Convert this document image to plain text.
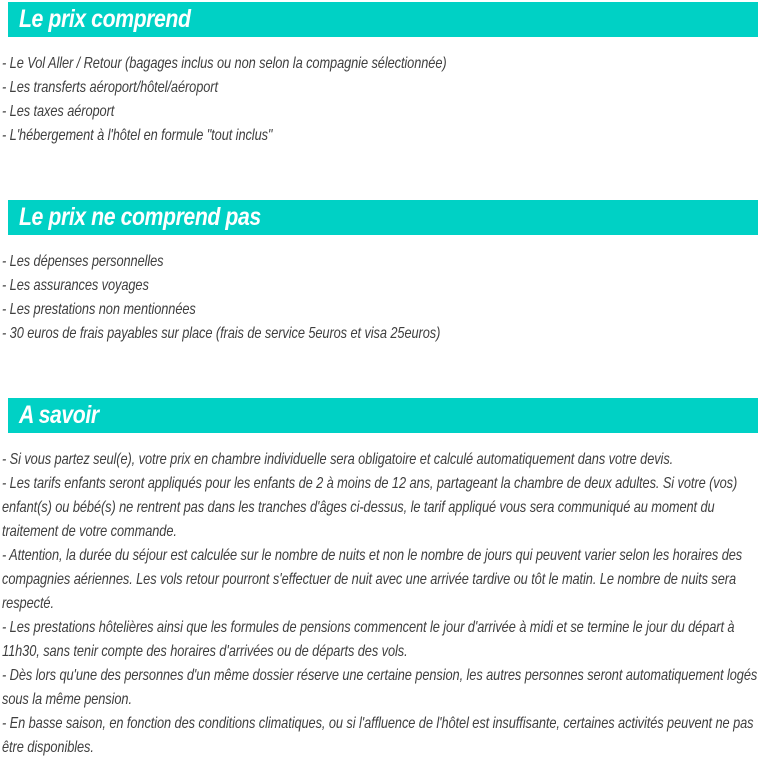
Le prix comprend

- Le Vol Aller / Retour (bagages inclus ou non selon la compagnie sélectionnée)

- Les transferts aéroport/hôtel/aéroport

- Les taxes aéroport

- L'hébergement à l'hôtel en formule "tout inclus"

Le prix ne comprend pas

- Les dépenses personnelles

- Les assurances voyages

- Les prestations non mentionnées

- 30 euros de frais payables sur place (frais de service 5euros et visa 25euros)

A savoir

- Si vous partez seul(e), votre prix en chambre individuelle sera obligatoire et calculé automatiquement dans votre devis.

- Les tarifs enfants seront appliqués pour les enfants de 2 à moins de 12 ans, partageant la chambre de deux adultes. Si votre (vos) enfant(s) ou bébé(s) ne rentrent pas dans les tranches d'âges ci-dessus, le tarif appliqué vous sera communiqué au moment du traitement de votre commande.

- Attention, la durée du séjour est calculée sur le nombre de nuits et non le nombre de jours qui peuvent varier selon les horaires des compagnies aériennes. Les vols retour pourront s'effectuer de nuit avec une arrivée tardive ou tôt le matin. Le nombre de nuits sera respecté.

- Les prestations hôtelières ainsi que les formules de pensions commencent le jour d'arrivée à midi et se termine le jour du départ à 11h30, sans tenir compte des horaires d'arrivées ou de départs des vols.

- Dès lors qu'une des personnes d'un même dossier réserve une certaine pension, les autres personnes seront automatiquement logés sous la même pension.

- En basse saison, en fonction des conditions climatiques, ou si l'affluence de l'hôtel est insuffisante, certaines activités peuvent ne pas être disponibles.
